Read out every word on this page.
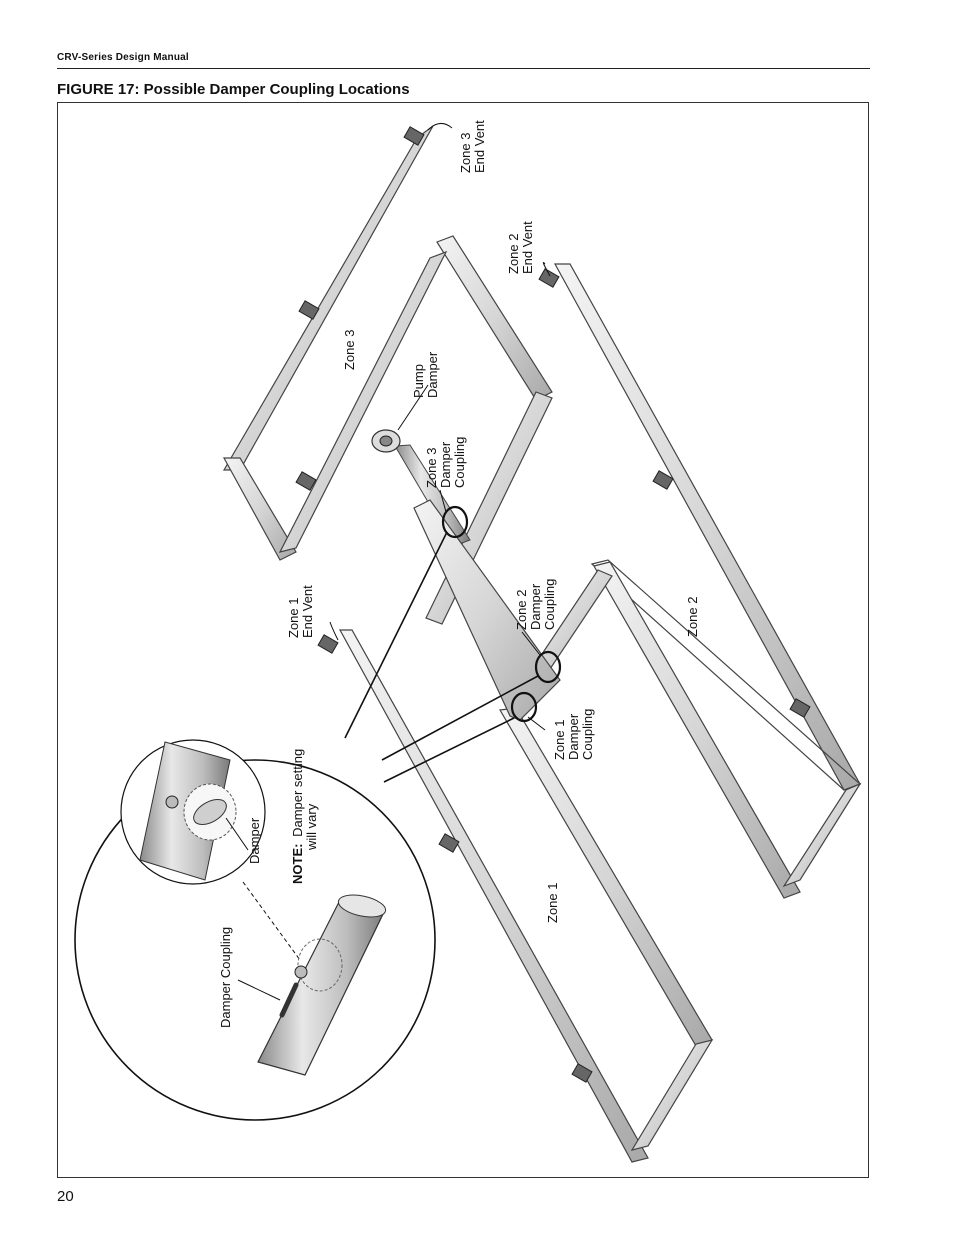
CRV-Series Design Manual
FIGURE 17: Possible Damper Coupling Locations
Zone 3 End Vent
Zone 2 End Vent
Zone 1 End Vent
Zone 3
Zone 2
Zone 1
Pump Damper
Zone 3 Damper Coupling
Zone 2 Damper Coupling
Zone 1 Damper Coupling
Damper
Damper Coupling
NOTE: Damper setting will vary
20
